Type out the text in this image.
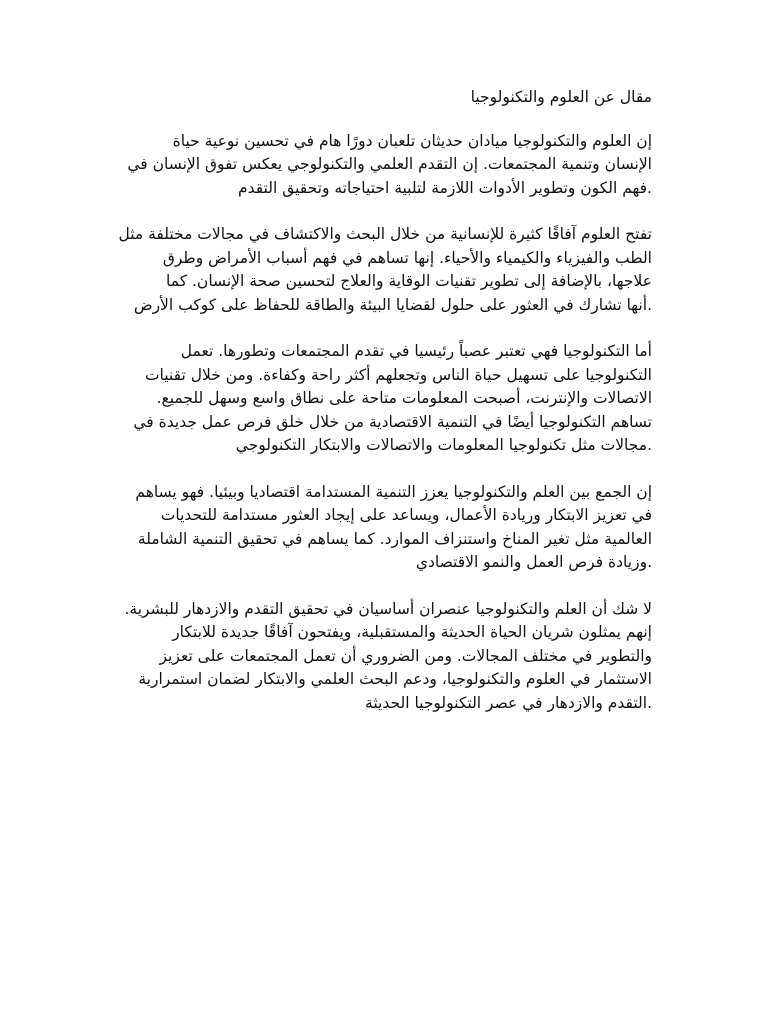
مقال عن العلوم والتكنولوجيا
إن العلوم والتكنولوجيا ميادان حديثان تلعبان دورًا هام في تحسين نوعية حياة
الإنسان وتنمية المجتمعات. إن التقدم العلمي والتكنولوجي يعكس تفوق الإنسان في
.فهم الكون وتطوير الأدوات اللازمة لتلبية احتياجاته وتحقيق التقدم
تفتح العلوم آفاقًا كثيرة للإنسانية من خلال البحث والاكتشاف في مجالات مختلفة مثل
الطب والفيزياء والكيمياء والأحياء. إنها تساهم في فهم أسباب الأمراض وطرق
علاجها، بالإضافة إلى تطوير تقنيات الوقاية والعلاج لتحسين صحة الإنسان. كما
.أنها تشارك في العثور على حلول لقضايا البيئة والطاقة للحفاظ على كوكب الأرض
أما التكنولوجيا فهي تعتبر عصباً رئيسيا في تقدم المجتمعات وتطورها. تعمل
التكنولوجيا على تسهيل حياة الناس وتجعلهم أكثر راحة وكفاءة. ومن خلال تقنيات
الاتصالات والإنترنت، أصبحت المعلومات متاحة على نطاق واسع وسهل للجميع.
تساهم التكنولوجيا أيضًا في التنمية الاقتصادية من خلال خلق فرص عمل جديدة في
.مجالات مثل تكنولوجيا المعلومات والاتصالات والابتكار التكنولوجي
إن الجمع بين العلم والتكنولوجيا يعزز التنمية المستدامة اقتصاديا وبيئيا. فهو يساهم
في تعزيز الابتكار وريادة الأعمال، ويساعد على إيجاد العثور مستدامة للتحديات
العالمية مثل تغير المناخ واستنزاف الموارد. كما يساهم في تحقيق التنمية الشاملة
.وزيادة فرص العمل والنمو الاقتصادي
لا شك أن العلم والتكنولوجيا عنصران أساسيان في تحقيق التقدم والازدهار للبشرية.
إنهم يمثلون شريان الحياة الحديثة والمستقبلية، ويفتحون آفاقًا جديدة للابتكار
والتطوير في مختلف المجالات. ومن الضروري أن تعمل المجتمعات على تعزيز
الاستثمار في العلوم والتكنولوجيا، ودعم البحث العلمي والابتكار لضمان استمرارية
.التقدم والازدهار في عصر التكنولوجيا الحديثة
